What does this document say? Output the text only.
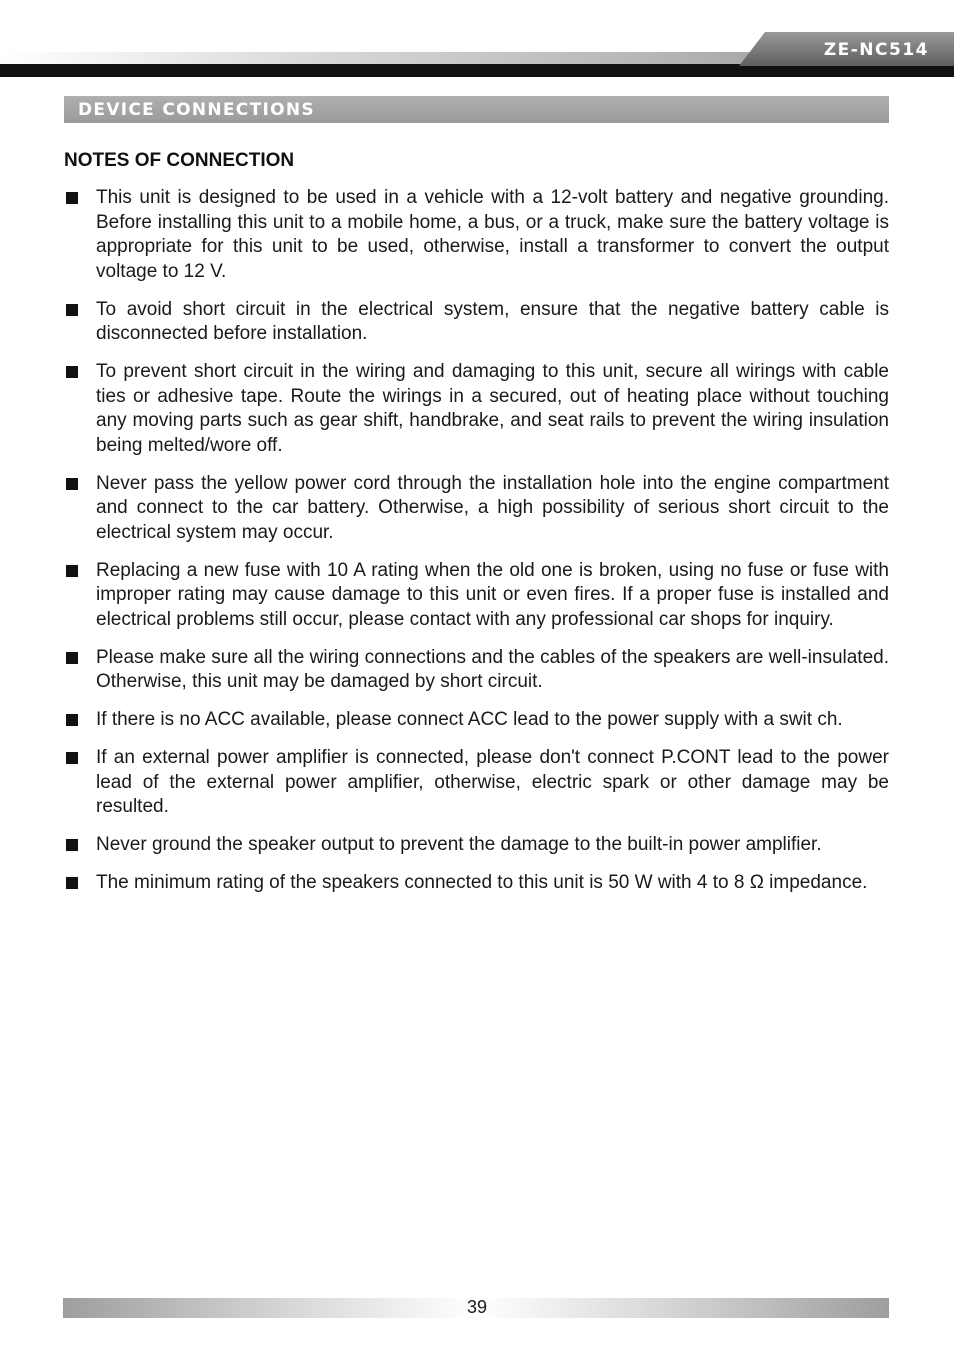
ZE-NC514
DEVICE CONNECTIONS
NOTES OF CONNECTION
This unit is designed to be used in a vehicle with a 12-volt battery and negative grounding. Before installing this unit to a mobile home, a bus, or a truck, make sure the battery voltage is appropriate for this unit to be used, otherwise, install a transformer to convert the output voltage to 12 V.
To avoid short circuit in the electrical system, ensure that the negative battery cable is disconnected before installation.
To prevent short circuit in the wiring and damaging to this unit, secure all wirings with cable ties or adhesive tape. Route the wirings in a secured, out of heating place without touching any moving parts such as gear shift, handbrake, and seat rails to prevent the wiring insulation being melted/wore off.
Never pass the yellow power cord through the installation hole into the engine compartment and connect to the car battery. Otherwise, a high possibility of serious short circuit to the electrical system may occur.
Replacing a new fuse with 10 A rating when the old one is broken, using no fuse or fuse with improper rating may cause damage to this unit or even fires. If a proper fuse is installed and electrical problems still occur, please contact with any professional car shops for inquiry.
Please make sure all the wiring connections and the cables of the speakers are well-insulated. Otherwise, this unit may be damaged by short circuit.
If there is no ACC available, please connect ACC lead to the power supply with a swit ch.
If an external power amplifier is connected, please don't connect P.CONT lead to the power lead of the external power amplifier, otherwise, electric spark or other damage may be resulted.
Never ground the speaker output to prevent the damage to the built-in power amplifier.
The minimum rating of the speakers connected to this unit is 50 W with 4 to 8 Ω impedance.
39
